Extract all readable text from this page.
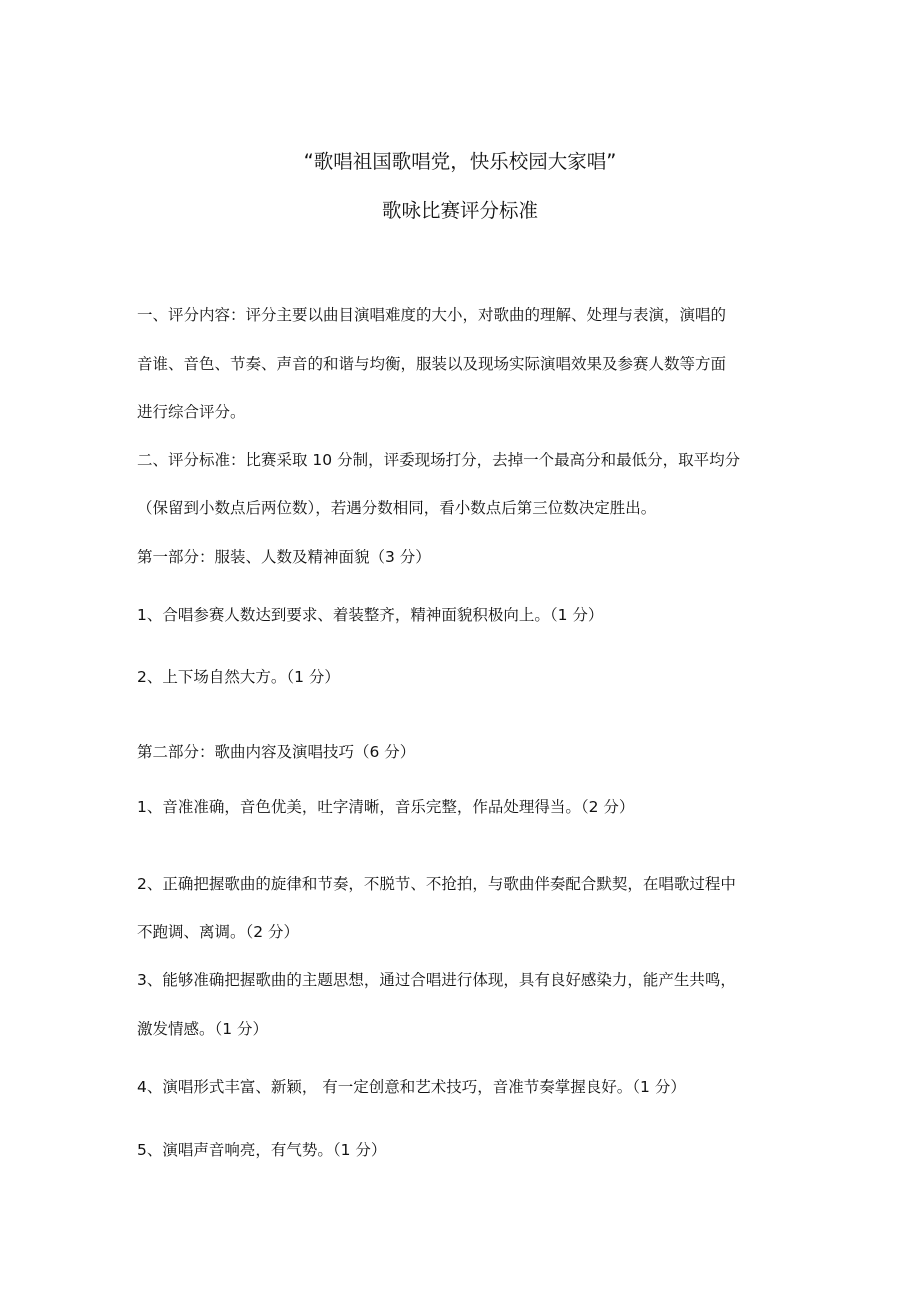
“歌唱祖国歌唱党，快乐校园大家唱”
歌咏比赛评分标准
一、评分内容：评分主要以曲目演唱难度的大小，对歌曲的理解、处理与表演，演唱的
音谁、音色、节奏、声音的和谐与均衡，服装以及现场实际演唱效果及参赛人数等方面
进行综合评分。
二、评分标准：比赛采取 10 分制，评委现场打分，去掉一个最高分和最低分，取平均分
（保留到小数点后两位数），若遇分数相同，看小数点后第三位数决定胜出。
第一部分：服装、人数及精神面貌（3 分）
1、合唱参赛人数达到要求、着装整齐，精神面貌积极向上。（1 分）
2、上下场自然大方。（1 分）
第二部分：歌曲内容及演唱技巧（6 分）
1、音准准确，音色优美，吐字清晰，音乐完整，作品处理得当。（2 分）
2、正确把握歌曲的旋律和节奏，不脱节、不抢拍，与歌曲伴奏配合默契，在唱歌过程中
不跑调、离调。（2 分）
3、能够准确把握歌曲的主题思想，通过合唱进行体现，具有良好感染力，能产生共鸣，
激发情感。（1 分）
4、演唱形式丰富、新颖， 有一定创意和艺术技巧，音准节奏掌握良好。（1 分）
5、演唱声音响亮，有气势。（1 分）
